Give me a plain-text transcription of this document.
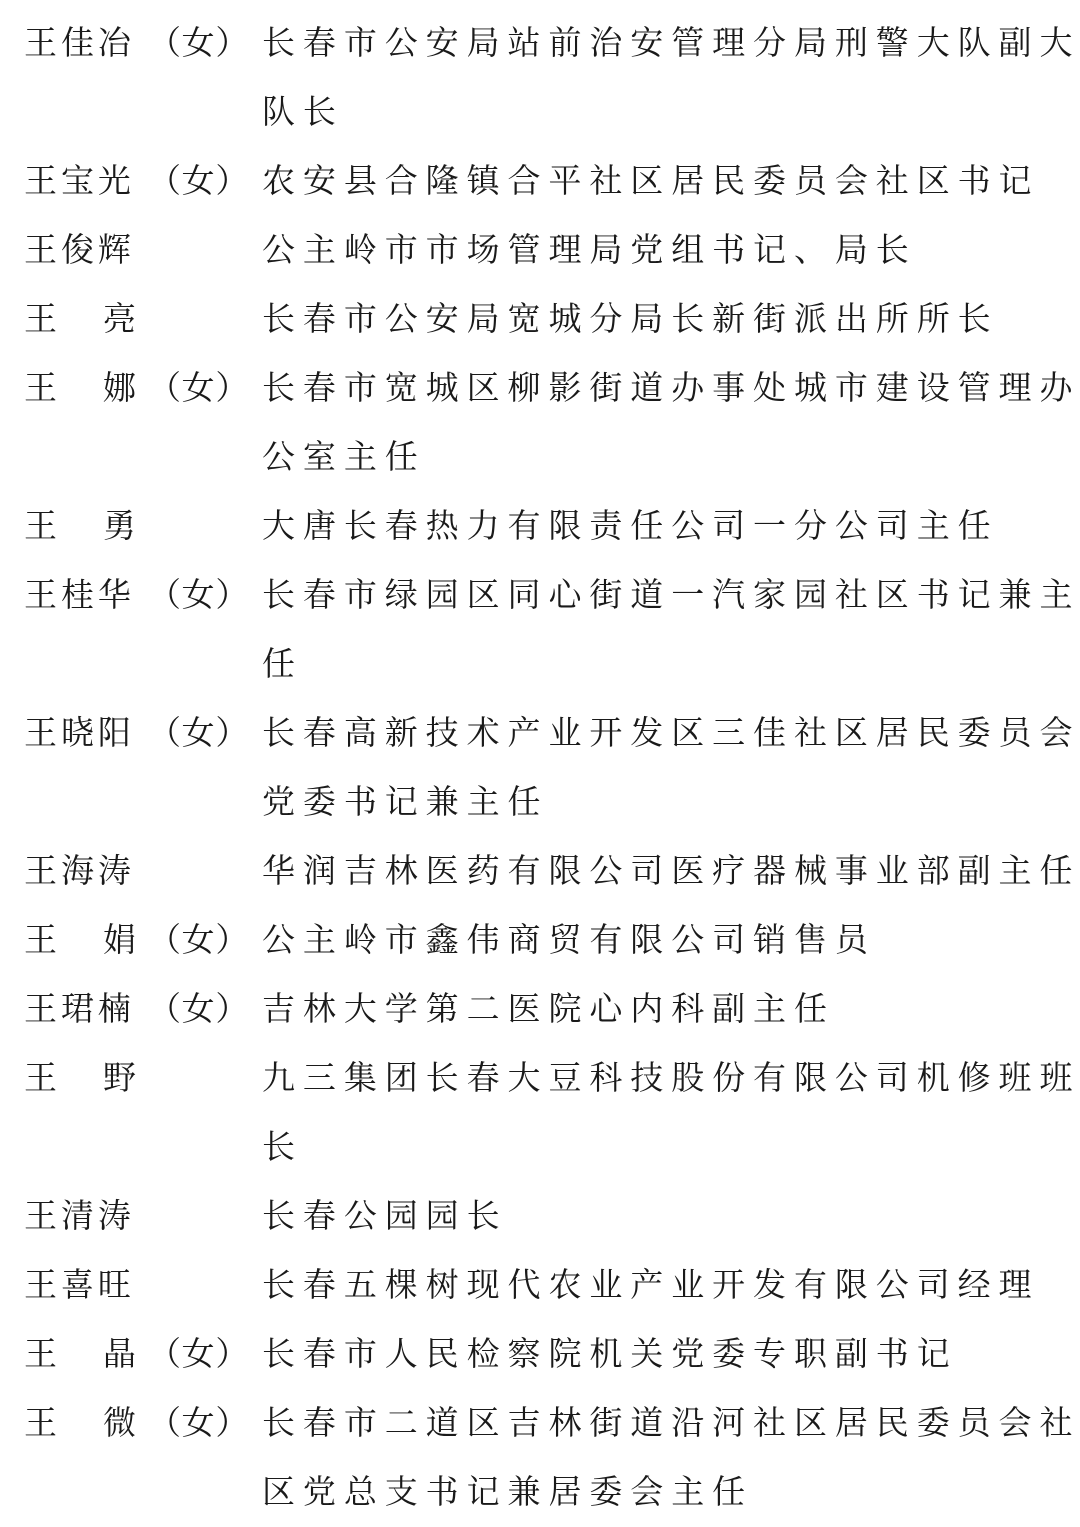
王佳冶 （女） 长春市公安局站前治安管理分局刑警大队副大
队长
王宝光 （女） 农安县合隆镇合平社区居民委员会社区书记
王俊辉	公主岭市市场管理局党组书记、局长
王 亮	长春市公安局宽城分局长新街派出所所长
王 娜 （女） 长春市宽城区柳影街道办事处城市建设管理办
公室主任
王 勇	大唐长春热力有限责任公司一分公司主任
王桂华 （女） 长春市绿园区同心街道一汽家园社区书记兼主
任
王晓阳 （女） 长春高新技术产业开发区三佳社区居民委员会
党委书记兼主任
王海涛	华润吉林医药有限公司医疗器械事业部副主任
王 娟 （女） 公主岭市鑫伟商贸有限公司销售员
王珺楠 （女） 吉林大学第二医院心内科副主任
王 野	九三集团长春大豆科技股份有限公司机修班班
长
王清涛	长春公园园长
王喜旺	长春五棵树现代农业产业开发有限公司经理
王 晶 （女） 长春市人民检察院机关党委专职副书记
王 微 （女） 长春市二道区吉林街道沿河社区居民委员会社
区党总支书记兼居委会主任
